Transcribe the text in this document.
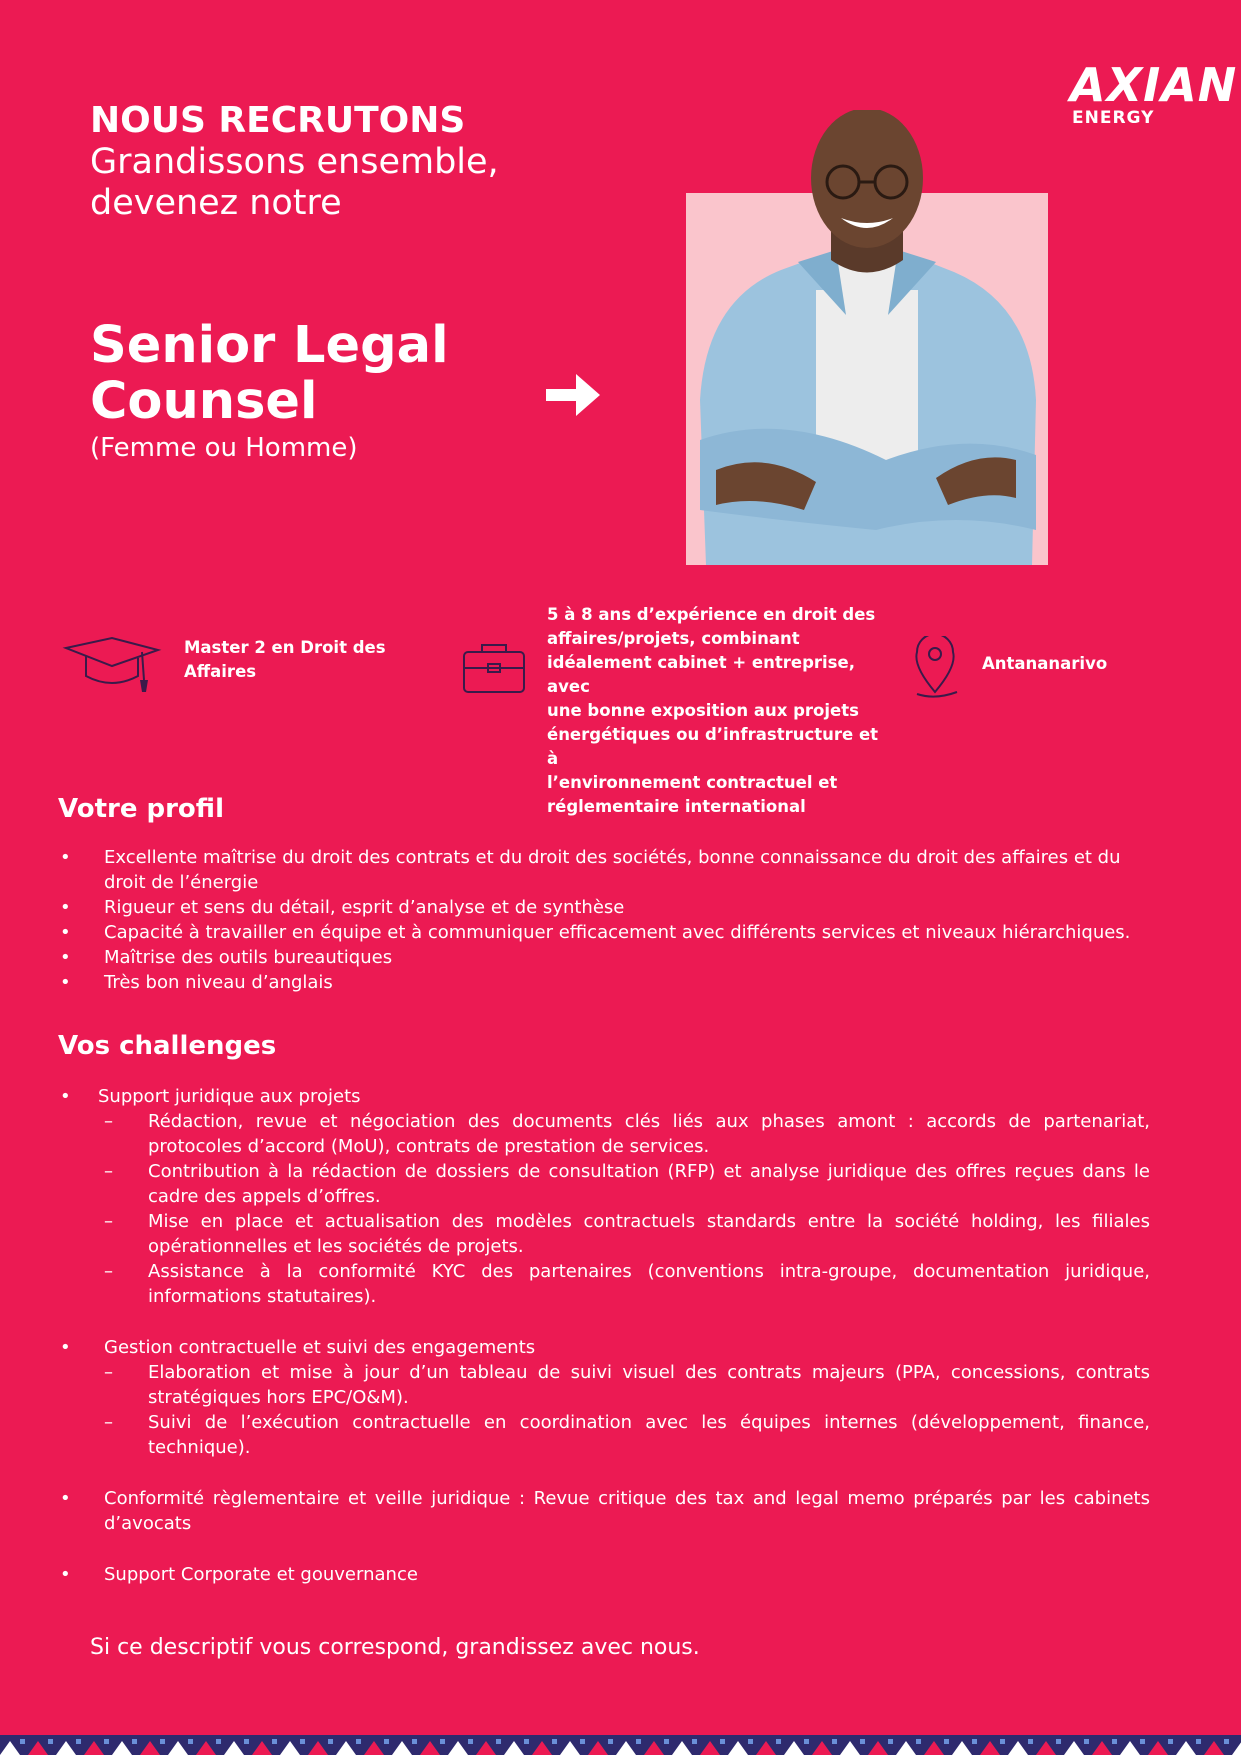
AXIAN
ENERGY
NOUS RECRUTONS
Grandissons ensemble,
devenez notre
Senior Legal
Counsel
(Femme ou Homme)
Master 2 en Droit des
Affaires
5 à 8 ans d’expérience en droit des
affaires/projets, combinant
idéalement cabinet + entreprise, avec
une bonne exposition aux projets
énergétiques ou d’infrastructure et à
l’environnement contractuel et
réglementaire international
Antananarivo
Votre profil
• Excellente maîtrise du droit des contrats et du droit des sociétés, bonne connaissance du droit des affaires et du droit de l’énergie
• Rigueur et sens du détail, esprit d’analyse et de synthèse
• Capacité à travailler en équipe et à communiquer efficacement avec différents services et niveaux hiérarchiques.
• Maîtrise des outils bureautiques
• Très bon niveau d’anglais
Vos challenges
• Support juridique aux projets
– Rédaction, revue et négociation des documents clés liés aux phases amont : accords de partenariat, protocoles d’accord (MoU), contrats de prestation de services.
– Contribution à la rédaction de dossiers de consultation (RFP) et analyse juridique des offres reçues dans le cadre des appels d’offres.
– Mise en place et actualisation des modèles contractuels standards entre la société holding, les filiales opérationnelles et les sociétés de projets.
– Assistance à la conformité KYC des partenaires (conventions intra-groupe, documentation juridique, informations statutaires).
• Gestion contractuelle et suivi des engagements
– Elaboration et mise à jour d’un tableau de suivi visuel des contrats majeurs (PPA, concessions, contrats stratégiques hors EPC/O&M).
– Suivi de l’exécution contractuelle en coordination avec les équipes internes (développement, finance, technique).
• Conformité règlementaire et veille juridique : Revue critique des tax and legal memo préparés par les cabinets d’avocats
• Support Corporate et gouvernance
Si ce descriptif vous correspond, grandissez avec nous.
